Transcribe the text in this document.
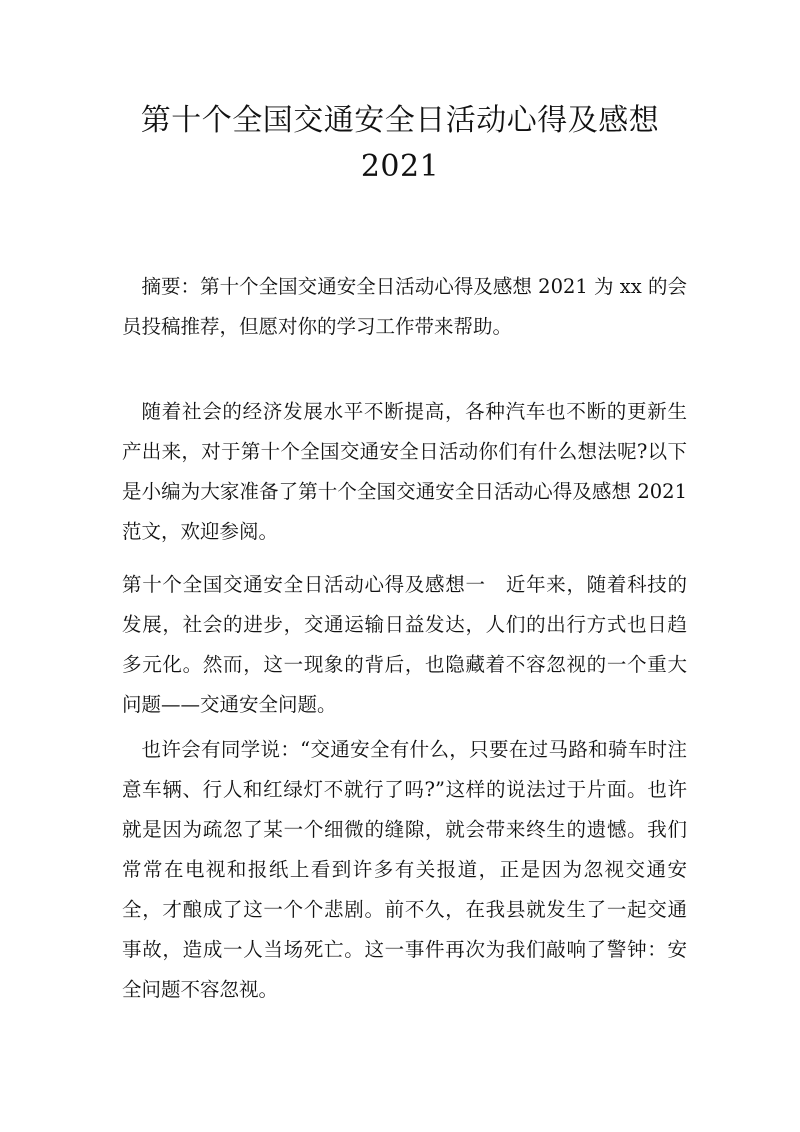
第十个全国交通安全日活动心得及感想
2021

摘要：第十个全国交通安全日活动心得及感想 2021 为 xx 的会员投稿推荐，但愿对你的学习工作带来帮助。

随着社会的经济发展水平不断提高，各种汽车也不断的更新生产出来，对于第十个全国交通安全日活动你们有什么想法呢?以下是小编为大家准备了第十个全国交通安全日活动心得及感想 2021 范文，欢迎参阅。

第十个全国交通安全日活动心得及感想一　近年来，随着科技的发展，社会的进步，交通运输日益发达，人们的出行方式也日趋多元化。然而，这一现象的背后，也隐藏着不容忽视的一个重大问题——交通安全问题。

也许会有同学说：“交通安全有什么，只要在过马路和骑车时注意车辆、行人和红绿灯不就行了吗?”这样的说法过于片面。也许就是因为疏忽了某一个细微的缝隙，就会带来终生的遗憾。我们常常在电视和报纸上看到许多有关报道，正是因为忽视交通安全，才酿成了这一个个悲剧。前不久，在我县就发生了一起交通事故，造成一人当场死亡。这一事件再次为我们敲响了警钟：安全问题不容忽视。
